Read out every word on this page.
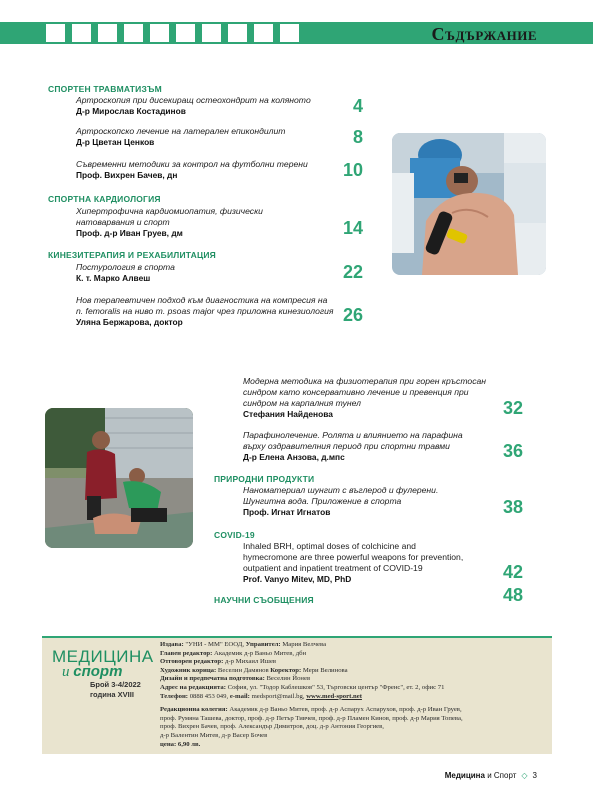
Съдържание
СПОРТЕН ТРАВМАТИЗЪМ
Артроскопия при дисекиращ остеохондрит на колянотo
Д-р Мирослав Костадинов	4
Артроскопско лечение на латерален епикондилит
Д-р Цветан Ценков	8
Съвременни методики за контрол на футболни терени
Проф. Вихрен Бачев, дн	10
СПОРТНА КАРДИОЛОГИЯ
Хипертрофична кардиомиопатия, физически
натоварвания и спорт
Проф. д-р Иван Груев, дм	14
КИНЕЗИТЕРАПИЯ И РЕХАБИЛИТАЦИЯ
Постурология в спорта
К. т. Марко Алвеш	22
Нов терапевтичен подход към диагностика на компресия на
n. femoralis на ниво m. psoas major чрез приложна кинезиология
Уляна Бержарова, доктор	26
Модерна методика на физиотерапия при горен кръстосан
синдром като консервативно лечение и превенция при
синдром на карпалния тунел
Стефания Найденова	32
Парафинолечение. Ролята и влиянието на парафина
върху оздравителния период при спортни травми
Д-р Елена Анзова, д.мпс	36
ПРИРОДНИ ПРОДУКТИ
Наноматериал шунгит с въглерод и фулерени.
Шунгитна вода. Приложение в спорта
Проф. Игнат Игнатов	38
COVID-19
Inhaled BRH, optimal doses of colchicine and
hymecromone are three powerful weapons for prevention,
outpatient and inpatient treatment of COVID-19
Prof. Vanyo Mitev, MD, PhD	42
НАУЧНИ СЪОБЩЕНИЯ	48
МЕДИЦИНА
и спорт
Брой 3-4/2022
година XVIII
Издава: "УНИ - ММ" ЕООД, Управител: Мария Велчева
Главен редактор: Академик д-р Ваньо Митев, дбн
Отговорен редактор: д-р Михаил Ишев
Художник корица: Веселин Дамянов Коректор: Мери Велинова
Дизайн и предпечатна подготовка: Веселин Йонев
Адрес на редакцията: София, ул. "Тодор Каблешков" 53, Търговски център "Френс", ет. 2, офис 71
Телефон: 0888 453 049, e-mail: medsport@mail.bg, www.med-sport.net
Редакционна колегия: Академик д-р Ваньо Митев, проф. д-р Аспарух Аспарухов, проф. д-р Иван Груев,
проф. Румяна Ташева, доктор, проф. д-р Петър Тивчев, проф. д-р Пламен Кинов, проф. д-р Мария Топева,
проф. Вихрен Бачев, проф. Александър Димитров, доц. д-р Антония Георгиев,
д-р Валентин Митев, д-р Васер Бочев
цена: 6,90 лв.
Медицина и Спорт ◇ 3
